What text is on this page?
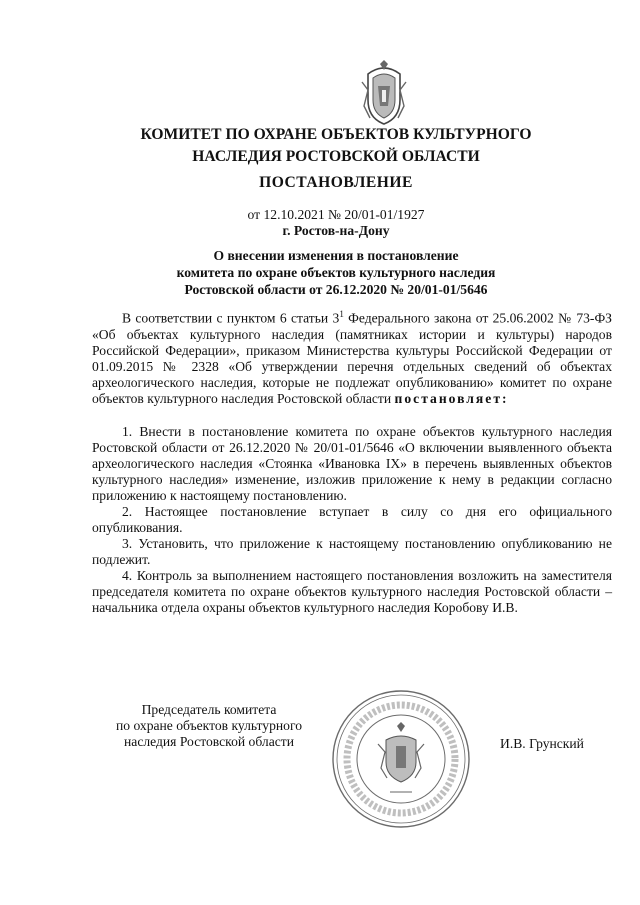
КОМИТЕТ ПО ОХРАНЕ ОБЪЕКТОВ КУЛЬТУРНОГО
НАСЛЕДИЯ РОСТОВСКОЙ ОБЛАСТИ
ПОСТАНОВЛЕНИЕ
от 12.10.2021 № 20/01-01/1927
г. Ростов-на-Дону
О внесении изменения в постановление
комитета по охране объектов культурного наследия
Ростовской области от 26.12.2020 № 20/01-01/5646

В соответствии с пунктом 6 статьи $3^1$ Федерального закона от 25.06.2002 № 73-ФЗ «Об объектах культурного наследия (памятниках истории и культуры) народов Российской Федерации», приказом Министерства культуры Российской Федерации от 01.09.2015 № 2328 «Об утверждении перечня отдельных сведений об объектах археологического наследия, которые не подлежат опубликованию» комитет по охране объектов культурного наследия Ростовской области постановляет:

1. Внести в постановление комитета по охране объектов культурного наследия Ростовской области от 26.12.2020 № 20/01-01/5646 «О включении выявленного объекта археологического наследия «Стоянка «Ивановка IX» в перечень выявленных объектов культурного наследия» изменение, изложив приложение к нему в редакции согласно приложению к настоящему постановлению.

2. Настоящее постановление вступает в силу со дня его официального опубликования.

3. Установить, что приложение к настоящему постановлению опубликованию не подлежит.

4. Контроль за выполнением настоящего постановления возложить на заместителя председателя комитета по охране объектов культурного наследия Ростовской области – начальника отдела охраны объектов культурного наследия Коробову И.В.

Председатель комитета
по охране объектов культурного
наследия Ростовской области	И.В. Грунский
